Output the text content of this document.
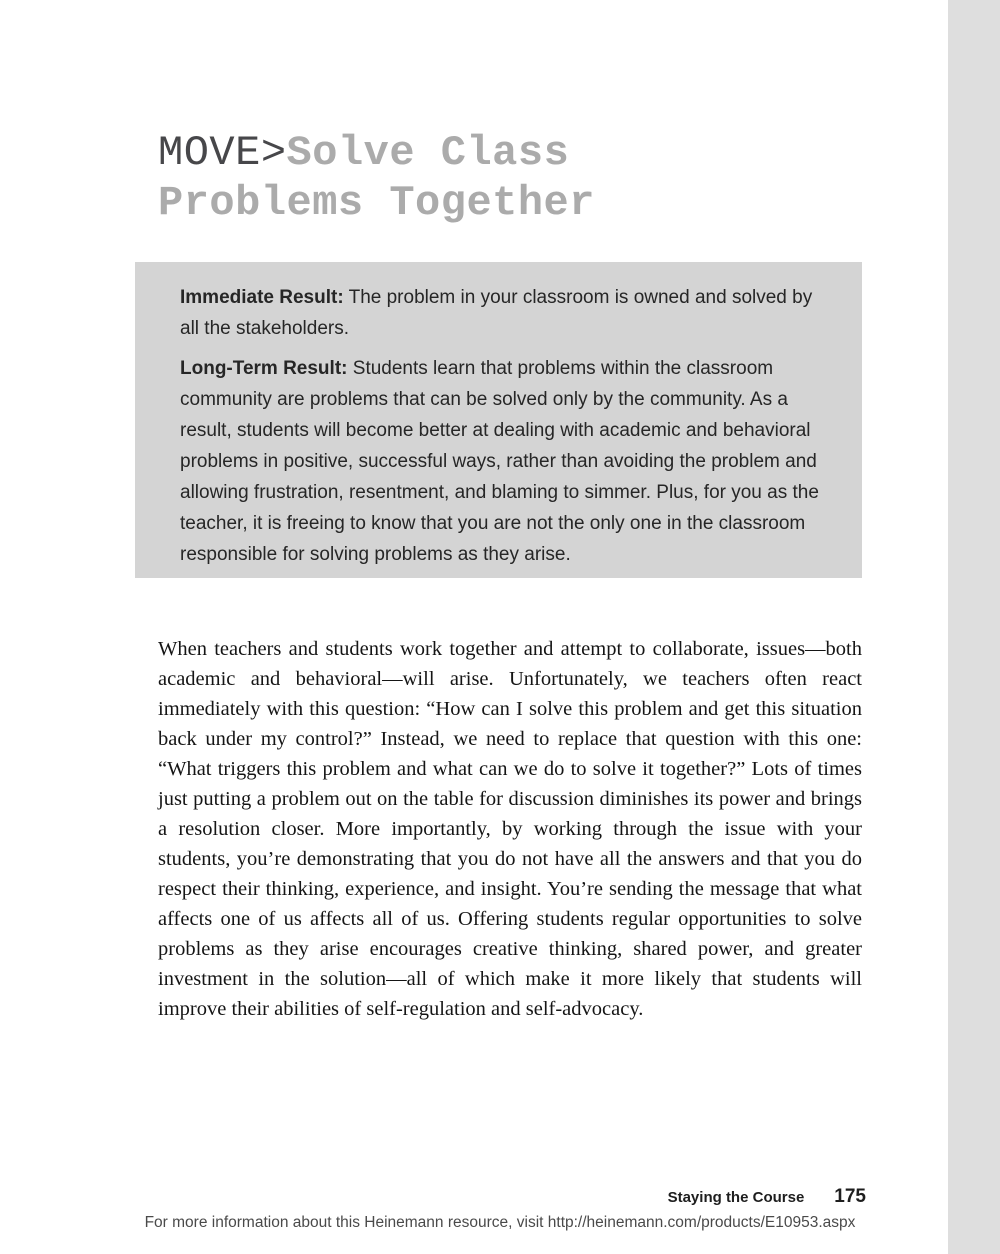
MOVE>Solve Class
Problems Together

Immediate Result: The problem in your classroom is owned and solved by all the stakeholders.

Long-Term Result: Students learn that problems within the classroom community are problems that can be solved only by the community. As a result, students will become better at dealing with academic and behavioral problems in positive, successful ways, rather than avoiding the problem and allowing frustration, resentment, and blaming to simmer. Plus, for you as the teacher, it is freeing to know that you are not the only one in the classroom responsible for solving problems as they arise.

When teachers and students work together and attempt to collaborate, issues—both academic and behavioral—will arise. Unfortunately, we teachers often react immediately with this question: “How can I solve this problem and get this situation back under my control?” Instead, we need to replace that question with this one: “What triggers this problem and what can we do to solve it together?” Lots of times just putting a problem out on the table for discussion diminishes its power and brings a resolution closer. More importantly, by working through the issue with your students, you’re demonstrating that you do not have all the answers and that you do respect their thinking, experience, and insight. You’re sending the message that what affects one of us affects all of us. Offering students regular opportunities to solve problems as they arise encourages creative thinking, shared power, and greater investment in the solution—all of which make it more likely that students will improve their abilities of self-regulation and self-advocacy.

Staying the Course 175
For more information about this Heinemann resource, visit http://heinemann.com/products/E10953.aspx
